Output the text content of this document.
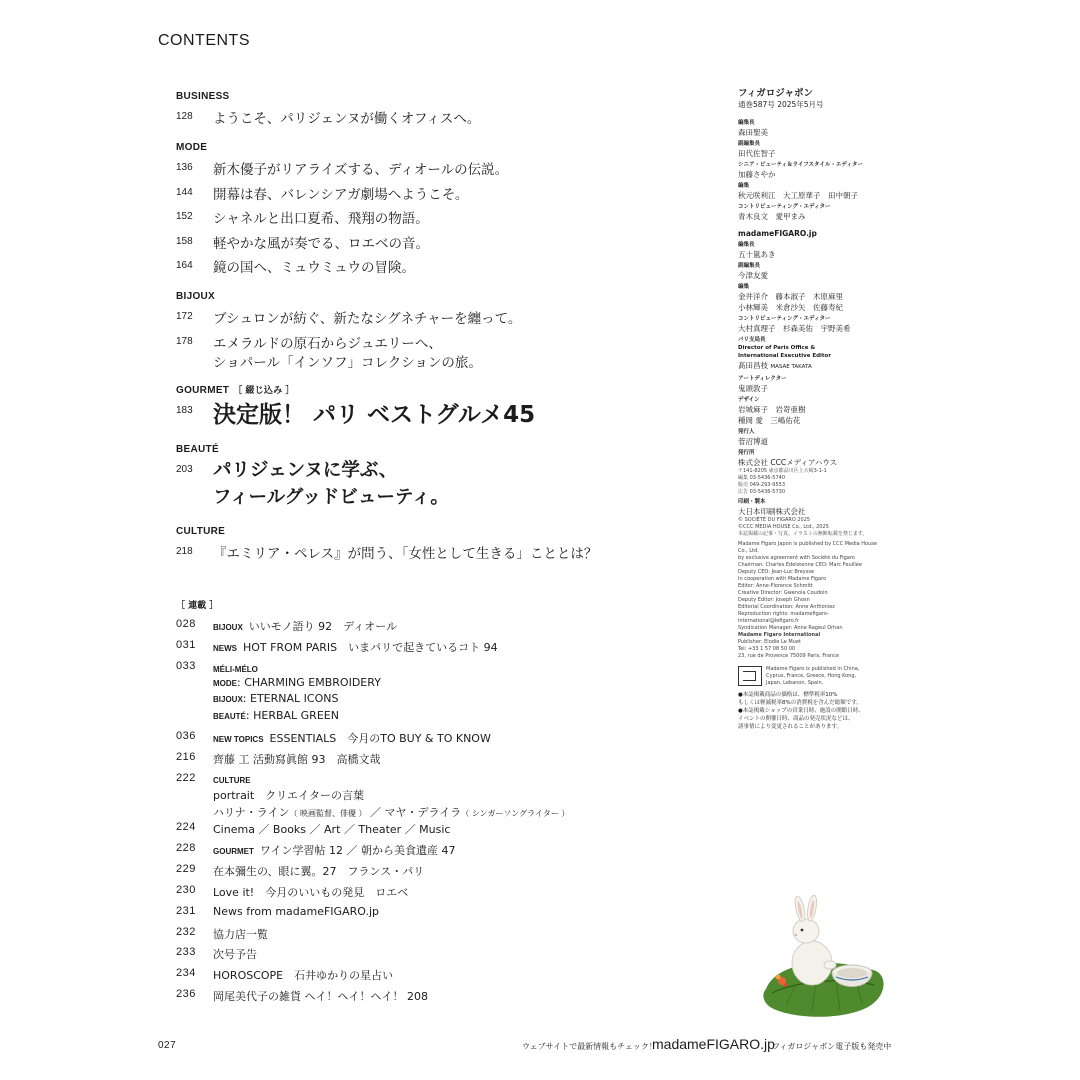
CONTENTS
BUSINESS
128 ようこそ、パリジェンヌが働くオフィスへ。
MODE
136 新木優子がリアライズする、ディオールの伝説。
144 開幕は春、バレンシアガ劇場へようこそ。
152 シャネルと出口夏希、飛翔の物語。
158 軽やかな風が奏でる、ロエベの音。
164 鏡の国へ、ミュウミュウの冒険。
BIJOUX
172 ブシュロンが紡ぐ、新たなシグネチャーを纏って。
178 エメラルドの原石からジュエリーへ、
ショパール「インソフ」コレクションの旅。
GOURMET ［ 綴じ込み ］
183 決定版！ パリ ベストグルメ45
BEAUTÉ
203 パリジェンヌに学ぶ、
フィールグッドビューティ。
CULTURE
218 『エミリア・ペレス』が問う、「女性として生きる」こととは？
［ 連載 ］
028 BIJOUX いいモノ語り 92　ディオール
031 NEWS HOT FROM PARIS　いまパリで起きているコト 94
033 MÉLI-MÉLO
MODE: CHARMING EMBROIDERY
BIJOUX: ETERNAL ICONS
BEAUTÉ: HERBAL GREEN
036 NEW TOPICS ESSENTIALS　今月のTO BUY & TO KNOW
216 齊藤 工 活動寫眞館 93　高橋文哉
222 CULTURE
portrait　クリエイターの言葉
ハリナ・ライン（ 映画監督、俳優 ） ／ マヤ・デライラ（ シンガーソングライター ）
224 Cinema ／ Books ／ Art ／ Theater ／ Music
228 GOURMET ワイン学習帖 12 ／ 朝から美食遺産 47
229 在本彌生の、眼に翼。27　フランス・パリ
230 Love it!　今月のいいもの発見　ロエベ
231 News from madameFIGARO.jp
232 協力店一覧
233 次号予告
234 HOROSCOPE　石井ゆかりの星占い
236 岡尾美代子の雑貨 ヘイ！ヘイ！ヘイ！ 208
フィガロジャポン
通巻587号 2025年5月号
編集長
森田聖美
副編集長
田代佐智子
シニア・ビューティ＆ライフスタイル・エディター
加藤さやか
編集
秋元咲利江　大工原華子　田中朝子
コントリビューティング・エディター
青木良文　愛甲まみ
madameFIGARO.jp
編集長
五十嵐あき
副編集長
今津友愛
編集
金井洋介　藤本淑子　木原麻里
小林輝美　米倉沙矢　佐藤寿紀
コントリビューティング・エディター
大村真理子　杉森美佑　宇野美希
パリ支局長
Director of Paris Office &
International Executive Editor
髙田昌枝 MASAE TAKATA
アートディレクター
鬼頭敦子
デザイン
岩城麻子　岩嵜亜樹
種岡 愛　三嶋佑花
発行人
菅沼博道
発行所
株式会社 CCCメディアハウス
〒141-8205 東京都品川区上大崎3-1-1
編集 03-5436-5740
販売 049-293-9553
広告 03-5436-5730
印刷・製本
大日本印刷株式会社
© SOCIÉTÉ DU FIGARO 2025
©CCC MEDIA HOUSE Co., Ltd., 2025
本誌掲載の記事・写真、イラストの無断転載を禁じます。
Madame Figaro Japon is published by CCC Media House Co., Ltd.
by exclusive agreement with Société du Figaro
Chairman: Charles Edelstenne CEO: Marc Feuillée
Deputy CEO: Jean-Luc Breysse
In cooperation with Madame Figaro
Editor: Anne-Florence Schmitt
Creative Director: Gwenola Coudoin
Deputy Editor: Joseph Ghosn
Editorial Coordination: Anne Anthoniez
Reproduction rights: madamefigaro-international@lefigaro.fr
Syndication Manager: Anne Rageul Orhan
Madame Figaro International
Publisher: Elodie Le Muet
Tel: +33 1 57 08 50 00
23, rue de Provence 75009 Paris, France
Madame Figaro is published in China,
Cyprus, France, Greece, Hong Kong,
Japan, Lebanon, Spain.
●本誌掲載商品の価格は、標準税率10%
もしくは軽減税率8%の消費税を含んだ総額です。
●本誌掲載ショップの営業日時、施設の開館日時、
イベントの開催日時、商品の発売状況などは、
諸事情により変更されることがあります。
027	ウェブサイトで最新情報もチェック！
madameFIGARO.jp
フィガロジャポン電子版も発売中
